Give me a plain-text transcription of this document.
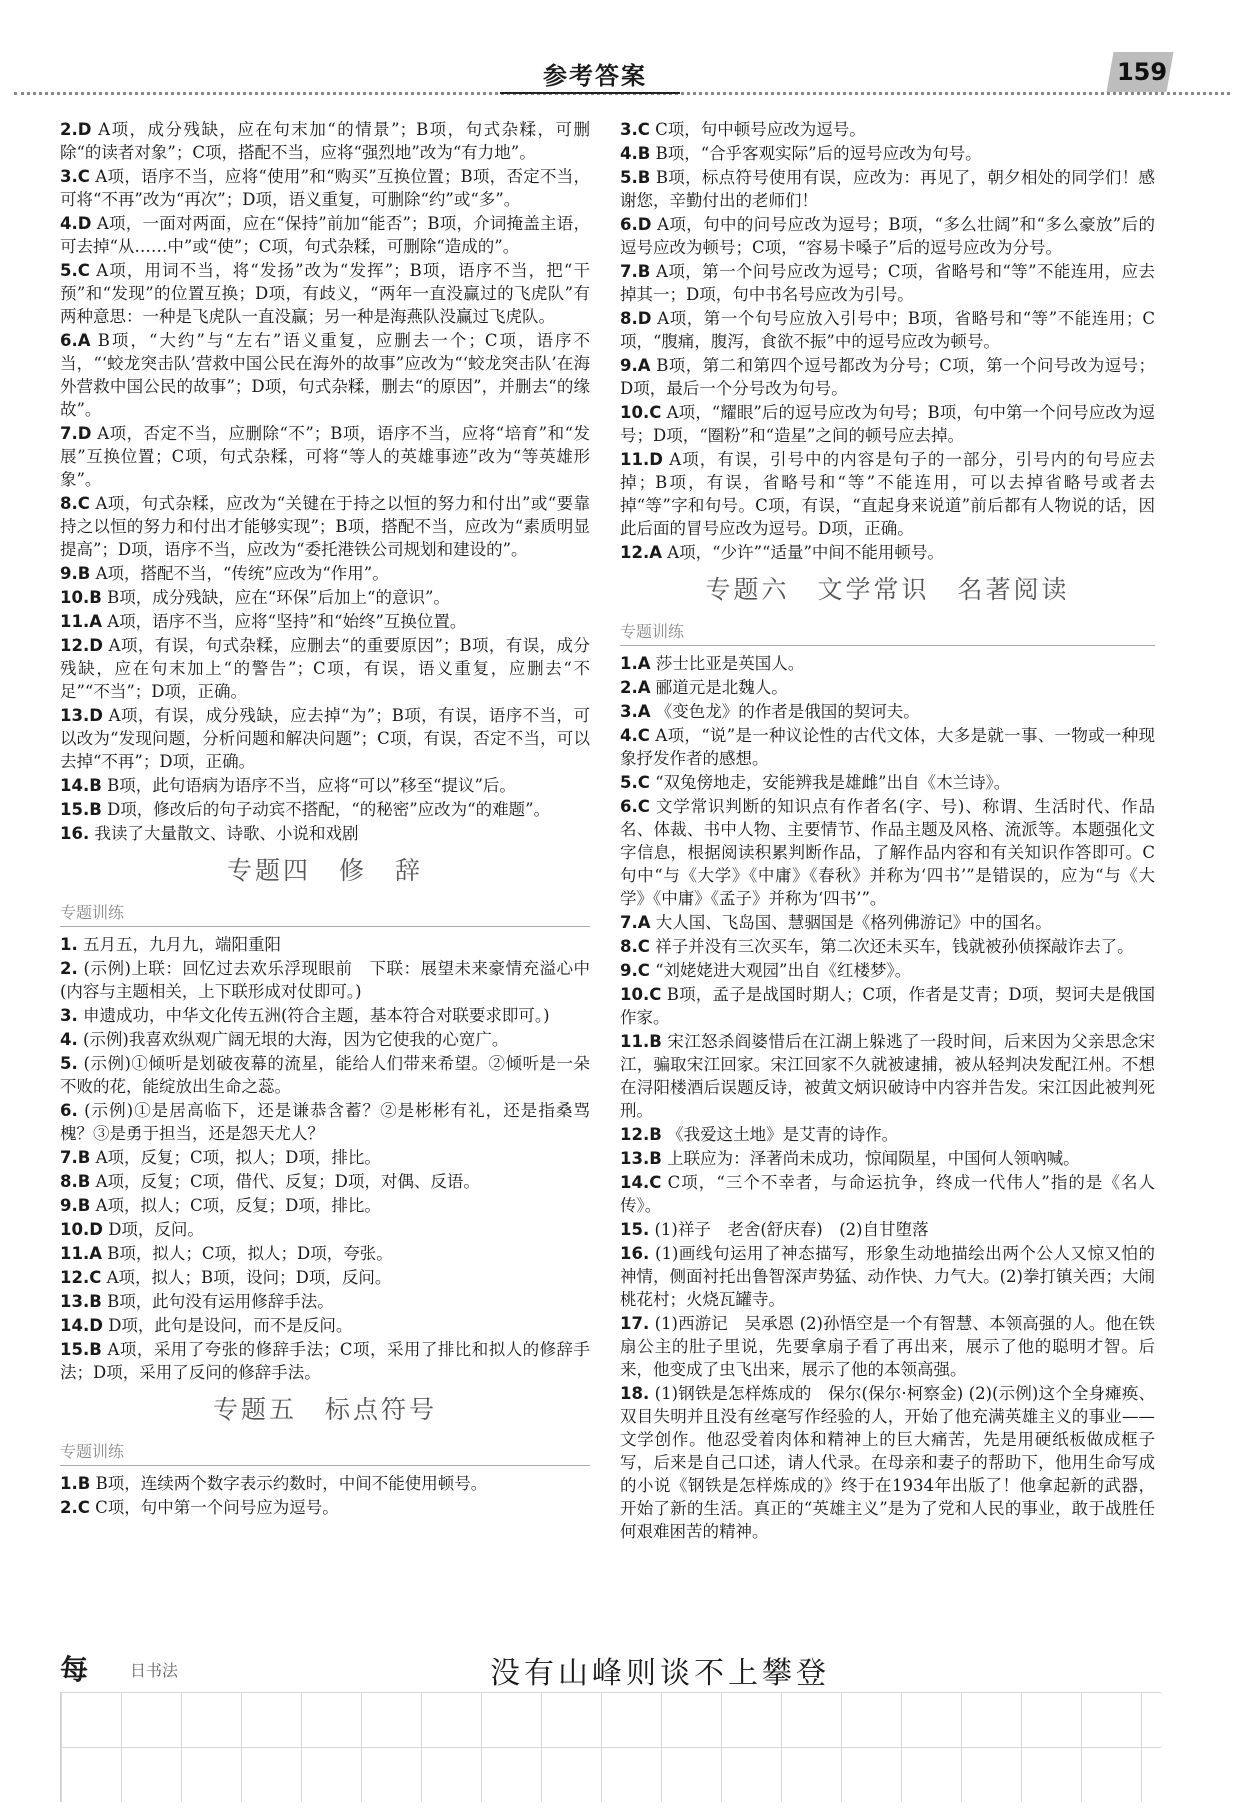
参考答案	159

2.D A项，成分残缺，应在句末加“的情景”；B项，句式杂糅，可删除“的读者对象”；C项，搭配不当，应将“强烈地”改为“有力地”。

3.C A项，语序不当，应将“使用”和“购买”互换位置；B项，否定不当，可将“不再”改为“再次”；D项，语义重复，可删除“约”或“多”。

4.D A项，一面对两面，应在“保持”前加“能否”；B项，介词掩盖主语，可去掉“从……中”或“使”；C项，句式杂糅，可删除“造成的”。

5.C A项，用词不当，将“发扬”改为“发挥”；B项，语序不当，把“干预”和“发现”的位置互换；D项，有歧义，“两年一直没赢过的飞虎队”有两种意思：一种是飞虎队一直没赢；另一种是海燕队没赢过飞虎队。

6.A B项，“大约”与“左右”语义重复，应删去一个；C项，语序不当，“‘蛟龙突击队’营救中国公民在海外的故事”应改为“‘蛟龙突击队’在海外营救中国公民的故事”；D项，句式杂糅，删去“的原因”，并删去“的缘故”。

7.D A项，否定不当，应删除“不”；B项，语序不当，应将“培育”和“发展”互换位置；C项，句式杂糅，可将“等人的英雄事迹”改为“等英雄形象”。

8.C A项，句式杂糅，应改为“关键在于持之以恒的努力和付出”或“要靠持之以恒的努力和付出才能够实现”；B项，搭配不当，应改为“素质明显提高”；D项，语序不当，应改为“委托港铁公司规划和建设的”。

9.B A项，搭配不当，“传统”应改为“作用”。

10.B B项，成分残缺，应在“环保”后加上“的意识”。

11.A A项，语序不当，应将“坚持”和“始终”互换位置。

12.D A项，有误，句式杂糅，应删去“的重要原因”；B项，有误，成分残缺，应在句末加上“的警告”；C项，有误，语义重复，应删去“不足”“不当”；D项，正确。

13.D A项，有误，成分残缺，应去掉“为”；B项，有误，语序不当，可以改为“发现问题，分析问题和解决问题”；C项，有误，否定不当，可以去掉“不再”；D项，正确。

14.B B项，此句语病为语序不当，应将“可以”移至“提议”后。

15.B D项，修改后的句子动宾不搭配，“的秘密”应改为“的难题”。

16. 我读了大量散文、诗歌、小说和戏剧

专题四　修　辞
专题训练

1. 五月五，九月九，端阳重阳

2. (示例)上联：回忆过去欢乐浮现眼前　下联：展望未来豪情充溢心中(内容与主题相关，上下联形成对仗即可。)

3. 申遗成功，中华文化传五洲(符合主题，基本符合对联要求即可。)

4. (示例)我喜欢纵观广阔无垠的大海，因为它使我的心宽广。

5. (示例)①倾听是划破夜幕的流星，能给人们带来希望。②倾听是一朵不败的花，能绽放出生命之蕊。

6. (示例)①是居高临下，还是谦恭含蓄？②是彬彬有礼，还是指桑骂槐？③是勇于担当，还是怨天尤人？

7.B A项，反复；C项，拟人；D项，排比。

8.B A项，反复；C项，借代、反复；D项，对偶、反语。

9.B A项，拟人；C项，反复；D项，排比。

10.D D项，反问。

11.A B项，拟人；C项，拟人；D项，夸张。

12.C A项，拟人；B项，设问；D项，反问。

13.B B项，此句没有运用修辞手法。

14.D D项，此句是设问，而不是反问。

15.B A项，采用了夸张的修辞手法；C项，采用了排比和拟人的修辞手法；D项，采用了反问的修辞手法。

专题五　标点符号
专题训练

1.B B项，连续两个数字表示约数时，中间不能使用顿号。

2.C C项，句中第一个问号应为逗号。

3.C C项，句中顿号应改为逗号。

4.B B项，“合乎客观实际”后的逗号应改为句号。

5.B B项，标点符号使用有误，应改为：再见了，朝夕相处的同学们！感谢您，辛勤付出的老师们！

6.D A项，句中的问号应改为逗号；B项，“多么壮阔”和“多么豪放”后的逗号应改为顿号；C项，“容易卡嗓子”后的逗号应改为分号。

7.B A项，第一个问号应改为逗号；C项，省略号和“等”不能连用，应去掉其一；D项，句中书名号应改为引号。

8.D A项，第一个句号应放入引号中；B项，省略号和“等”不能连用；C项，“腹痛，腹泻，食欲不振”中的逗号应改为顿号。

9.A B项，第二和第四个逗号都改为分号；C项，第一个问号改为逗号；D项，最后一个分号改为句号。

10.C A项，“耀眼”后的逗号应改为句号；B项，句中第一个问号应改为逗号；D项，“圈粉”和“造星”之间的顿号应去掉。

11.D A项，有误，引号中的内容是句子的一部分，引号内的句号应去掉；B项，有误，省略号和“等”不能连用，可以去掉省略号或者去掉“等”字和句号。C项，有误，“直起身来说道”前后都有人物说的话，因此后面的冒号应改为逗号。D项，正确。

12.A A项，“少许”“适量”中间不能用顿号。

专题六　文学常识　名著阅读
专题训练

1.A 莎士比亚是英国人。

2.A 郦道元是北魏人。

3.A 《变色龙》的作者是俄国的契诃夫。

4.C A项，“说”是一种议论性的古代文体，大多是就一事、一物或一种现象抒发作者的感想。

5.C “双兔傍地走，安能辨我是雄雌”出自《木兰诗》。

6.C 文学常识判断的知识点有作者名(字、号)、称谓、生活时代、作品名、体裁、书中人物、主要情节、作品主题及风格、流派等。本题强化文字信息，根据阅读积累判断作品，了解作品内容和有关知识作答即可。C句中“与《大学》《中庸》《春秋》并称为‘四书’”是错误的，应为“与《大学》《中庸》《孟子》并称为‘四书’”。

7.A 大人国、飞岛国、慧骃国是《格列佛游记》中的国名。

8.C 祥子并没有三次买车，第二次还未买车，钱就被孙侦探敲诈去了。

9.C “刘姥姥进大观园”出自《红楼梦》。

10.C B项，孟子是战国时期人；C项，作者是艾青；D项，契诃夫是俄国作家。

11.B 宋江怒杀阎婆惜后在江湖上躲逃了一段时间，后来因为父亲思念宋江，骗取宋江回家。宋江回家不久就被逮捕，被从轻判决发配江州。不想在浔阳楼酒后误题反诗，被黄文炳识破诗中内容并告发。宋江因此被判死刑。

12.B 《我爱这土地》是艾青的诗作。

13.B 上联应为：泽著尚未成功，惊闻陨星，中国何人领吶喊。

14.C C项，“三个不幸者，与命运抗争，终成一代伟人”指的是《名人传》。

15. (1)祥子　老舍(舒庆春)　(2)自甘堕落

16. (1)画线句运用了神态描写，形象生动地描绘出两个公人又惊又怕的神情，侧面衬托出鲁智深声势猛、动作快、力气大。(2)拳打镇关西；大闹桃花村；火烧瓦罐寺。

17. (1)西游记　吴承恩 (2)孙悟空是一个有智慧、本领高强的人。他在铁扇公主的肚子里说，先要拿扇子看了再出来，展示了他的聪明才智。后来，他变成了虫飞出来，展示了他的本领高强。

18. (1)钢铁是怎样炼成的　保尔(保尔·柯察金) (2)(示例)这个全身瘫痪、双目失明并且没有丝毫写作经验的人，开始了他充满英雄主义的事业——文学创作。他忍受着肉体和精神上的巨大痛苦，先是用硬纸板做成框子写，后来是自己口述，请人代录。在母亲和妻子的帮助下，他用生命写成的小说《钢铁是怎样炼成的》终于在1934年出版了！他拿起新的武器，开始了新的生活。真正的“英雄主义”是为了党和人民的事业，敢于战胜任何艰难困苦的精神。

每	日书法	没有山峰则谈不上攀登
